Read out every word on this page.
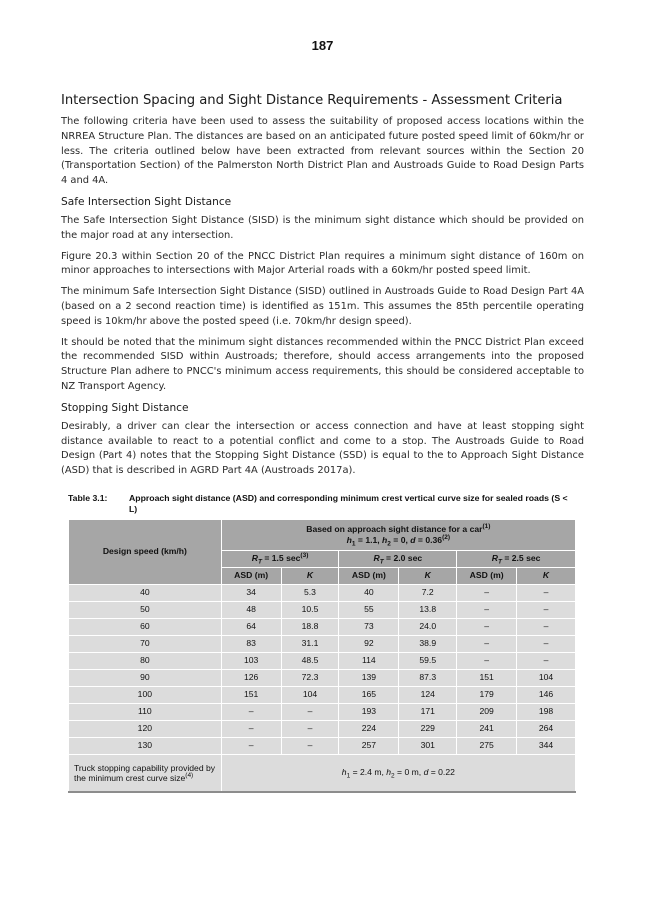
187
Intersection Spacing and Sight Distance Requirements - Assessment Criteria

The following criteria have been used to assess the suitability of proposed access locations within the NRREA Structure Plan. The distances are based on an anticipated future posted speed limit of 60km/hr or less. The criteria outlined below have been extracted from relevant sources within the Section 20 (Transportation Section) of the Palmerston North District Plan and Austroads Guide to Road Design Parts 4 and 4A.

Safe Intersection Sight Distance

The Safe Intersection Sight Distance (SISD) is the minimum sight distance which should be provided on the major road at any intersection.

Figure 20.3 within Section 20 of the PNCC District Plan requires a minimum sight distance of 160m on minor approaches to intersections with Major Arterial roads with a 60km/hr posted speed limit.

The minimum Safe Intersection Sight Distance (SISD) outlined in Austroads Guide to Road Design Part 4A (based on a 2 second reaction time) is identified as 151m. This assumes the 85th percentile operating speed is 10km/hr above the posted speed (i.e. 70km/hr design speed).

It should be noted that the minimum sight distances recommended within the PNCC District Plan exceed the recommended SISD within Austroads; therefore, should access arrangements into the proposed Structure Plan adhere to PNCC's minimum access requirements, this should be considered acceptable to NZ Transport Agency.

Stopping Sight Distance

Desirably, a driver can clear the intersection or access connection and have at least stopping sight distance available to react to a potential conflict and come to a stop. The Austroads Guide to Road Design (Part 4) notes that the Stopping Sight Distance (SSD) is equal to the to Approach Sight Distance (ASD) that is described in AGRD Part 4A (Austroads 2017a).

Table 3.1:	Approach sight distance (ASD) and corresponding minimum crest vertical curve size for sealed roads (S < L)
Design speed (km/h)	Based on approach sight distance for a car$^{(1)}$
$h_1 = 1.1$, $h_2 = 0$, $d = 0.36^{(2)}$
	$R_T = 1.5$ $\sec^{(3)}$		$R_T = 2.0$ sec		$R_T = 2.5$ sec	
	ASD (m)	K	ASD (m)	K	ASD (m)	K
40	34	5.3	40	7.2	–	–
50	48	10.5	55	13.8	–	–
60	64	18.8	73	24.0	–	–
70	83	31.1	92	38.9	–	–
80	103	48.5	114	59.5	–	–
90	126	72.3	139	87.3	151	104
100	151	104	165	124	179	146
110	–	–	193	171	209	198
120	–	–	224	229	241	264
130	–	–	257	301	275	344
Truck stopping capability provided by the minimum crest curve size$^{(4)}$	$h_1 = 2.4$ m, $h_2 = 0$ m, d = 0.22					
